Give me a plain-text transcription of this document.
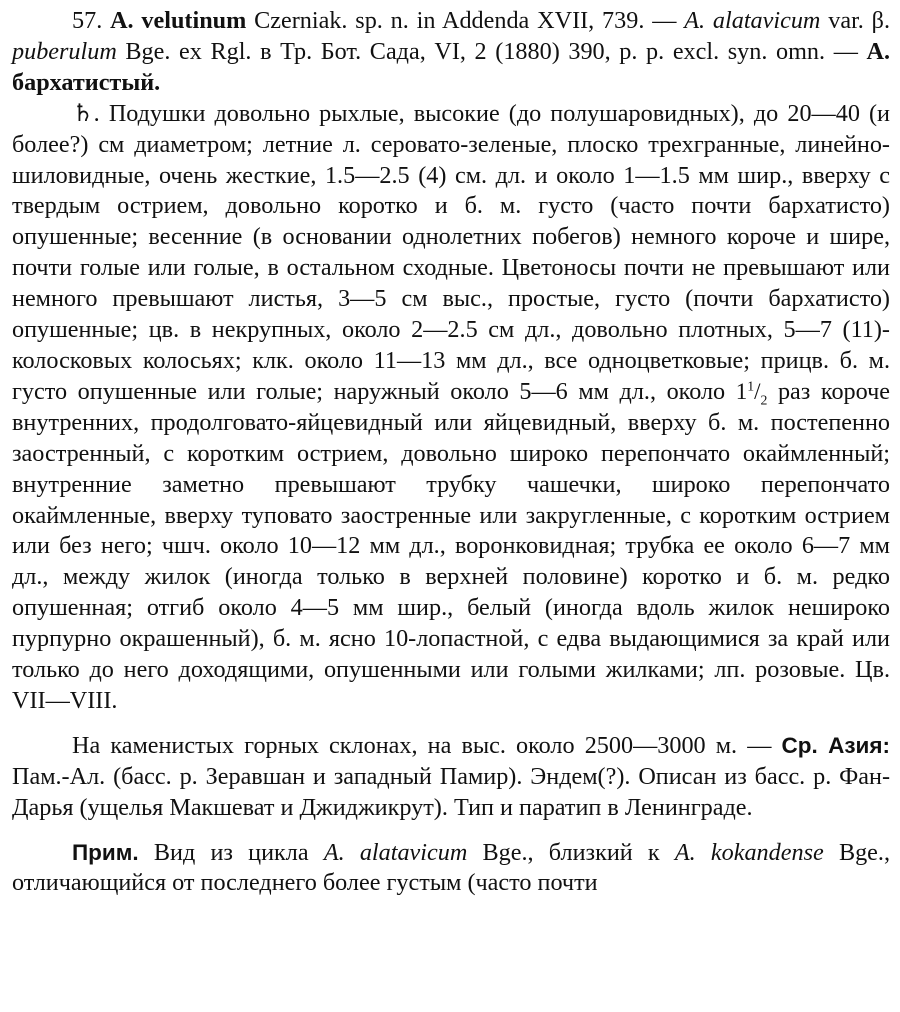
57. A. velutinum Czerniak. sp. n. in Addenda XVII, 739. — A. alatavicum var. β. puberulum Bge. ex Rgl. в Тр. Бот. Сада, VI, 2 (1880) 390, p. p. excl. syn. omn. — А. бархатистый.

♄. Подушки довольно рыхлые, высокие (до полушаровидных), до 20—40 (и более?) см диаметром; летние л. серовато-зеленые, плоско трехгранные, линейно-шиловидные, очень жесткие, 1.5—2.5 (4) см. дл. и около 1—1.5 мм шир., вверху с твердым острием, довольно коротко и б. м. густо (часто почти бархатисто) опушенные; весенние (в основании однолетних побегов) немного короче и шире, почти голые или голые, в остальном сходные. Цветоносы почти не превышают или немного превышают листья, 3—5 см выс., простые, густо (почти бархатисто) опушенные; цв. в некрупных, около 2—2.5 см дл., довольно плотных, 5—7 (11)-колосковых колосьях; клк. около 11—13 мм дл., все одноцветковые; прицв. б. м. густо опушенные или голые; наружный около 5—6 мм дл., около $1^1/_2$ раз короче внутренних, продолговато-яйцевидный или яйцевидный, вверху б. м. постепенно заостренный, с коротким острием, довольно широко перепончато окаймленный; внутренние заметно превышают трубку чашечки, широко перепончато окаймленные, вверху туповато заостренные или закругленные, с коротким острием или без него; чшч. около 10—12 мм дл., воронковидная; трубка ее около 6—7 мм дл., между жилок (иногда только в верхней половине) коротко и б. м. редко опушенная; отгиб около 4—5 мм шир., белый (иногда вдоль жилок неширoко пурпурно окрашенный), б. м. ясно 10-лопастной, с едва выдающимися за край или только до него доходящими, опушенными или голыми жилками; лп. розовые. Цв. VII—VIII.

На каменистых горных склонах, на выс. около 2500—3000 м. — Ср. Азия: Пам.-Ал. (басс. р. Зеравшан и западный Памир). Эндем(?). Описан из басс. р. Фан-Дарья (ущелья Макшеват и Джиджикрут). Тип и паратип в Ленинграде.

Прим. Вид из цикла A. alatavicum Bge., близкий к A. kokandense Bge., отличающийся от последнего более густым (часто почти
